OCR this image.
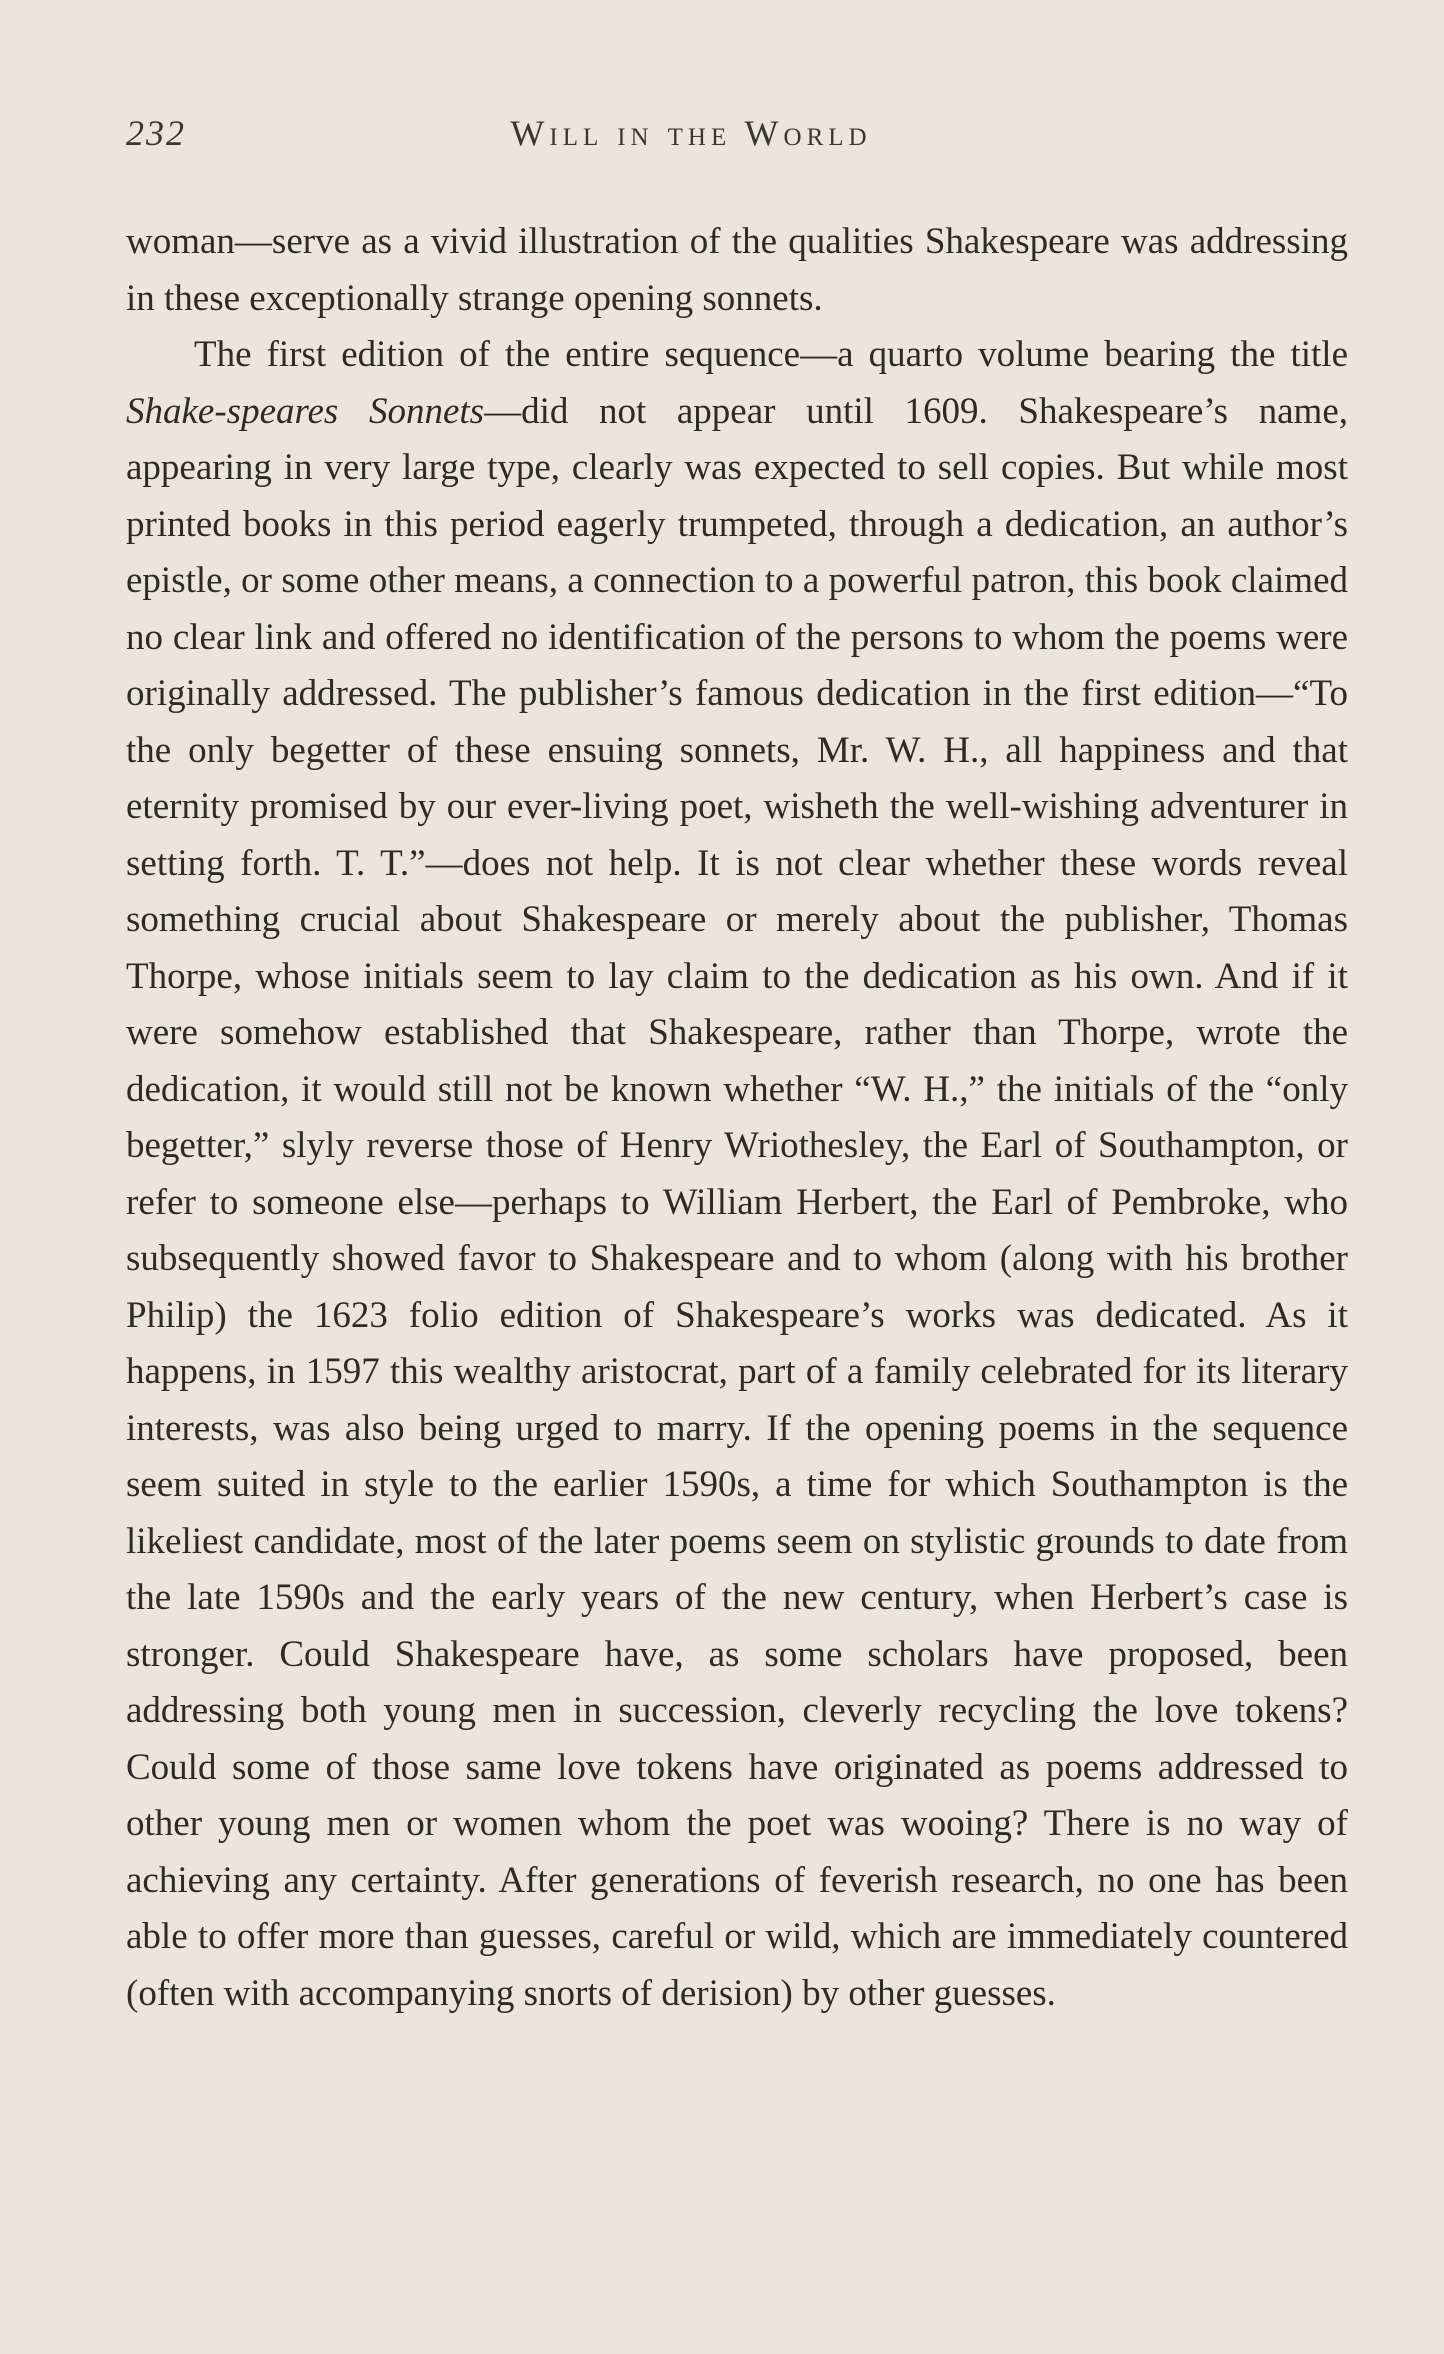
232	Will in the World

woman—serve as a vivid illustration of the qualities Shakespeare was addressing in these exceptionally strange opening sonnets.

The first edition of the entire sequence—a quarto volume bearing the title Shake-speares Sonnets—did not appear until 1609. Shakespeare’s name, appearing in very large type, clearly was expected to sell copies. But while most printed books in this period eagerly trumpeted, through a dedication, an author’s epistle, or some other means, a connection to a powerful patron, this book claimed no clear link and offered no identification of the persons to whom the poems were originally addressed. The publisher’s famous dedication in the first edition—“To the only begetter of these ensuing sonnets, Mr. W. H., all happiness and that eternity promised by our ever-living poet, wisheth the well-wishing adventurer in setting forth. T. T.”—does not help. It is not clear whether these words reveal something crucial about Shakespeare or merely about the publisher, Thomas Thorpe, whose initials seem to lay claim to the dedication as his own. And if it were somehow established that Shakespeare, rather than Thorpe, wrote the dedication, it would still not be known whether “W. H.,” the initials of the “only begetter,” slyly reverse those of Henry Wriothesley, the Earl of Southampton, or refer to someone else—perhaps to William Herbert, the Earl of Pembroke, who subsequently showed favor to Shakespeare and to whom (along with his brother Philip) the 1623 folio edition of Shakespeare’s works was dedicated. As it happens, in 1597 this wealthy aristocrat, part of a family celebrated for its literary interests, was also being urged to marry. If the opening poems in the sequence seem suited in style to the earlier 1590s, a time for which Southampton is the likeliest candidate, most of the later poems seem on stylistic grounds to date from the late 1590s and the early years of the new century, when Herbert’s case is stronger. Could Shakespeare have, as some scholars have proposed, been addressing both young men in succession, cleverly recycling the love tokens? Could some of those same love tokens have originated as poems addressed to other young men or women whom the poet was wooing? There is no way of achieving any certainty. After generations of feverish research, no one has been able to offer more than guesses, careful or wild, which are immediately countered (often with accompanying snorts of derision) by other guesses.
